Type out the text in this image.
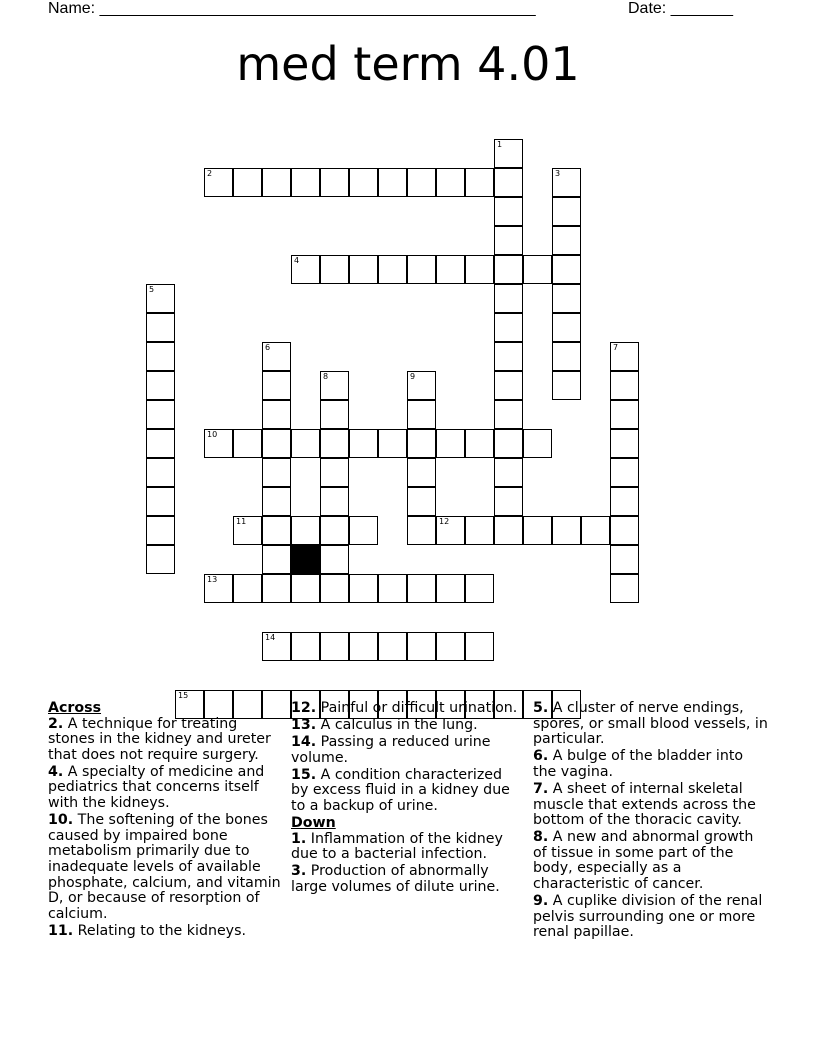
Name: _________________________________________________	Date: _______
med term 4.01
2
4
10
11	12
13
14
15
1
3
5
6	7
8	9
Across
2. A technique for treating stones in the kidney and ureter that does not require surgery.
4. A specialty of medicine and pediatrics that concerns itself with the kidneys.
10. The softening of the bones caused by impaired bone metabolism primarily due to inadequate levels of available phosphate, calcium, and vitamin D, or because of resorption of calcium.
11. Relating to the kidneys.
12. Painful or difficult urination.
13. A calculus in the lung.
14. Passing a reduced urine volume.
15. A condition characterized by excess fluid in a kidney due to a backup of urine.
Down
1. Inflammation of the kidney due to a bacterial infection.
3. Production of abnormally large volumes of dilute urine.
5. A cluster of nerve endings, spores, or small blood vessels, in particular.
6. A bulge of the bladder into the vagina.
7. A sheet of internal skeletal muscle that extends across the bottom of the thoracic cavity.
8. A new and abnormal growth of tissue in some part of the body, especially as a characteristic of cancer.
9. A cuplike division of the renal pelvis surrounding one or more renal papillae.
